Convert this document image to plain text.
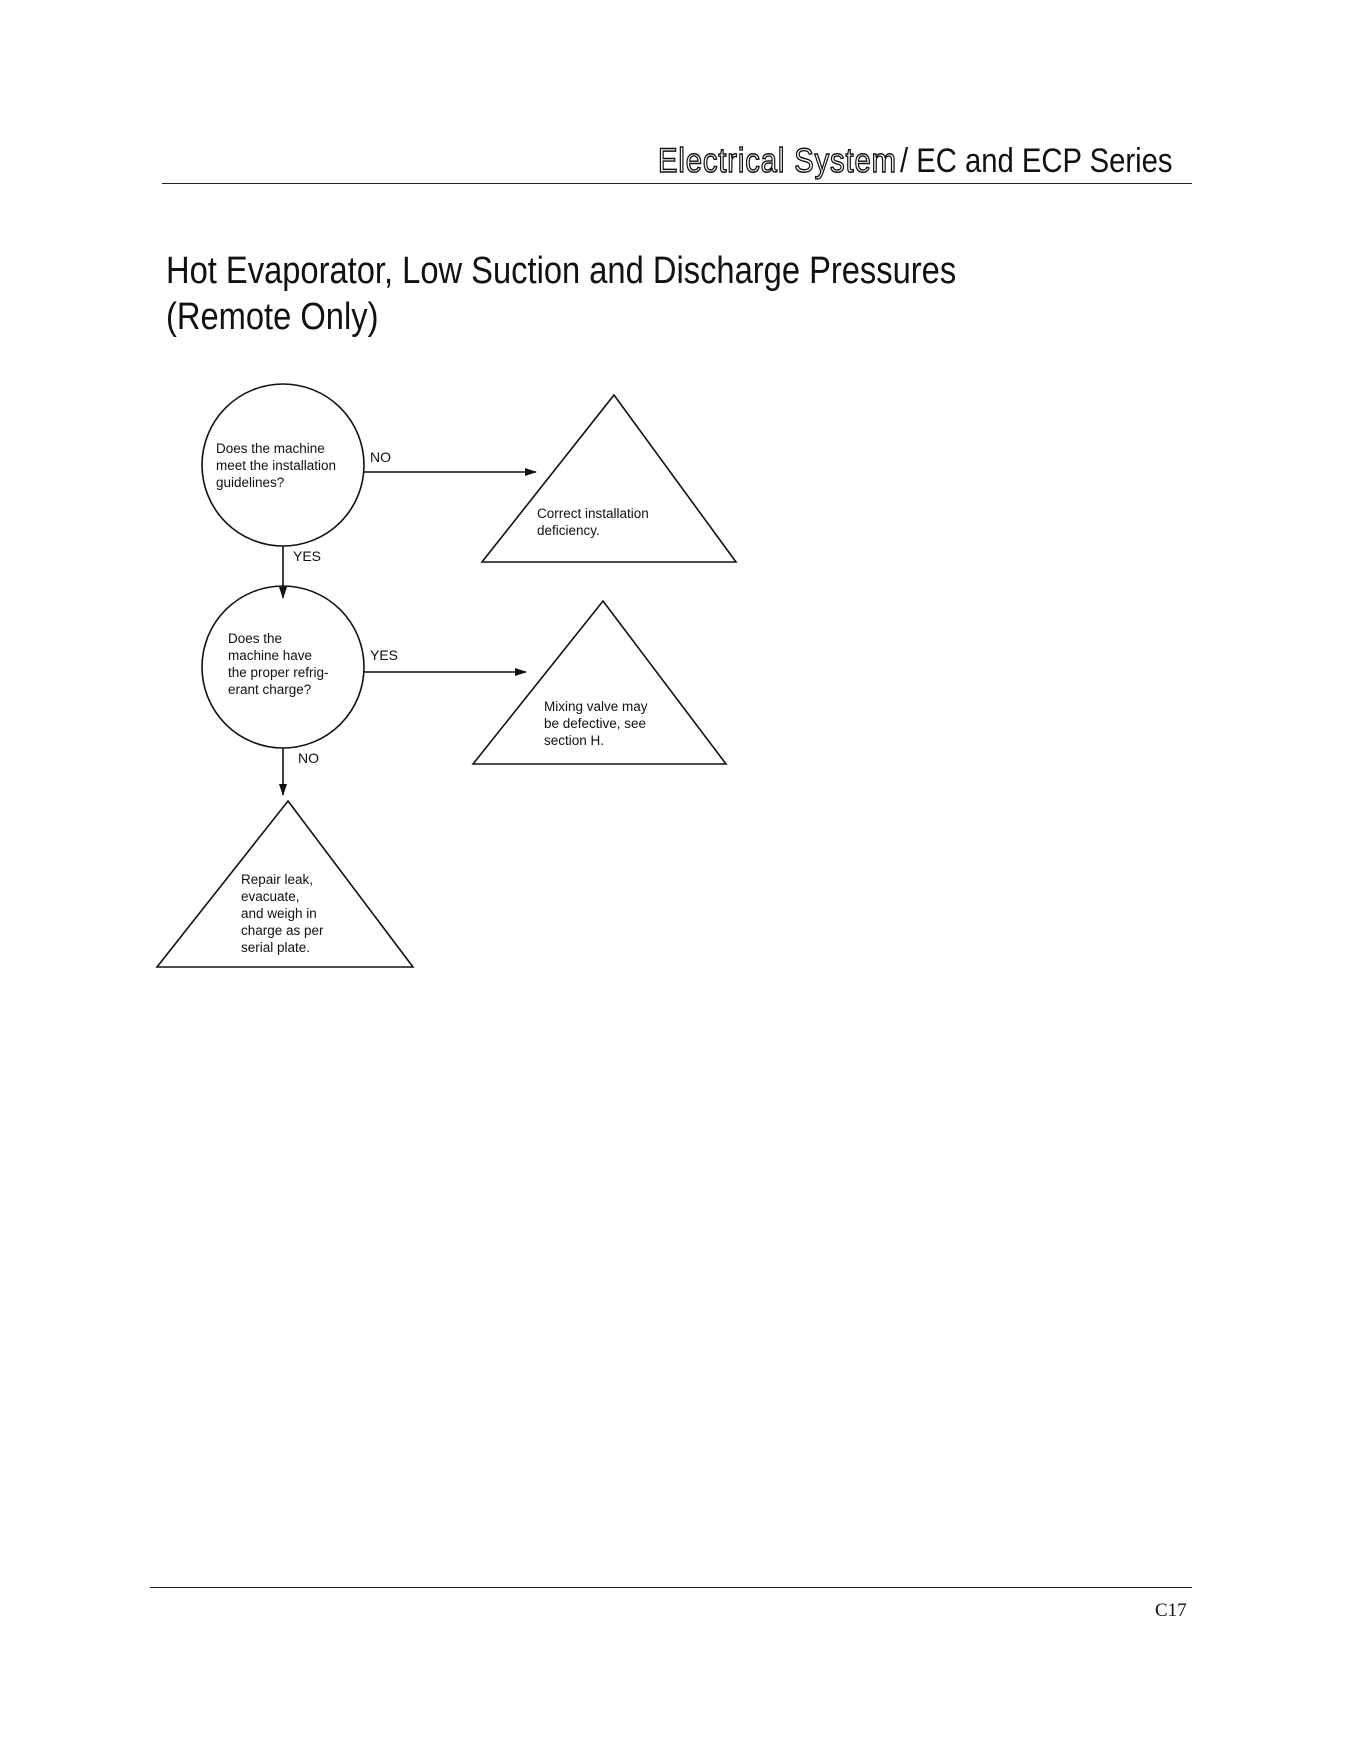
Electrical System / EC and ECP Series
Hot Evaporator, Low Suction and Discharge Pressures
(Remote Only)
Does the machine
meet the installation
guidelines?
NO
Correct installation
deficiency.
YES
Does the
machine have
the proper refrig-
erant charge?
YES
Mixing valve may
be defective, see
section H.
NO
Repair leak,
evacuate,
and weigh in
charge as per
serial plate.
C17
